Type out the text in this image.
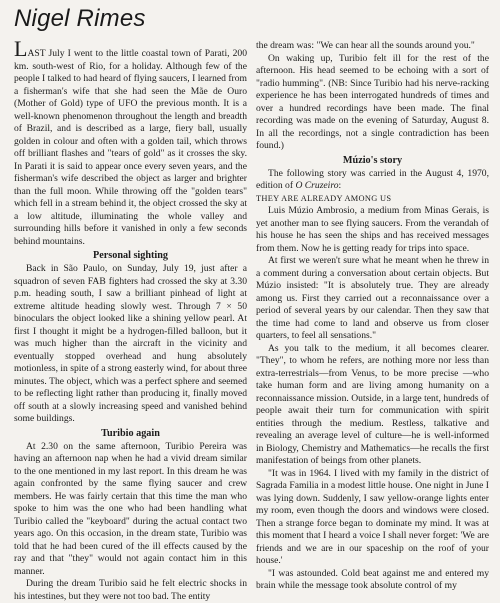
Nigel Rimes

LAST July I went to the little coastal town of Parati, 200 km. south-west of Rio, for a holiday. Although few of the people I talked to had heard of flying saucers, I learned from a fisherman's wife that she had seen the Mãe de Ouro (Mother of Gold) type of UFO the previous month. It is a well-known phenomenon throughout the length and breadth of Brazil, and is described as a large, fiery ball, usually golden in colour and often with a golden tail, which throws off brilliant flashes and "tears of gold" as it crosses the sky. In Parati it is said to appear once every seven years, and the fisherman's wife described the object as larger and brighter than the full moon. While throwing off the "golden tears" which fell in a stream behind it, the object crossed the sky at a low altitude, illuminating the whole valley and surrounding hills before it vanished in only a few seconds behind mountains.

Personal sighting

Back in São Paulo, on Sunday, July 19, just after a squadron of seven FAB fighters had crossed the sky at 3.30 p.m. heading south, I saw a brilliant pinhead of light at extreme altitude heading slowly west. Through 7 × 50 binoculars the object looked like a shining yellow pearl. At first I thought it might be a hydrogen-filled balloon, but it was much higher than the aircraft in the vicinity and eventually stopped overhead and hung absolutely motionless, in spite of a strong easterly wind, for about three minutes. The object, which was a perfect sphere and seemed to be reflecting light rather than producing it, finally moved off south at a slowly increasing speed and vanished behind some buildings.

Turibio again

At 2.30 on the same afternoon, Turibio Pereira was having an afternoon nap when he had a vivid dream similar to the one mentioned in my last report. In this dream he was again confronted by the same flying saucer and crew members. He was fairly certain that this time the man who spoke to him was the one who had been handling what Turibio called the "keyboard" during the actual contact two years ago. On this occasion, in the dream state, Turibio was told that he had been cured of the ill effects caused by the ray and that "they" would not again contact him in this manner.

During the dream Turibio said he felt electric shocks in his intestines, but they were not too bad. The entity

the dream was: "We can hear all the sounds around you."

On waking up, Turibio felt ill for the rest of the afternoon. His head seemed to be echoing with a sort of "radio humming". (NB: Since Turibio had his nerve-racking experience he has been interrogated hundreds of times and over a hundred recordings have been made. The final recording was made on the evening of Saturday, August 8. In all the recordings, not a single contradiction has been found.)

Múzio's story

The following story was carried in the August 4, 1970, edition of O Cruzeiro:

THEY ARE ALREADY AMONG US

Luis Múzio Ambrosio, a medium from Minas Gerais, is yet another man to see flying saucers. From the verandah of his house he has seen the ships and has received messages from them. Now he is getting ready for trips into space.

At first we weren't sure what he meant when he threw in a comment during a conversation about certain objects. But Múzio insisted: "It is absolutely true. They are already among us. First they carried out a reconnaissance over a period of several years by our calendar. Then they saw that the time had come to land and observe us from closer quarters, to feel all sensations."

As you talk to the medium, it all becomes clearer. "They", to whom he refers, are nothing more nor less than extra-terrestrials—from Venus, to be more precise —who take human form and are living among humanity on a reconnaissance mission. Outside, in a large tent, hundreds of people await their turn for communication with spirit entities through the medium. Restless, talkative and revealing an average level of culture—he is well-informed in Biology, Chemistry and Mathematics—he recalls the first manifestation of beings from other planets.

"It was in 1964. I lived with my family in the district of Sagrada Familia in a modest little house. One night in June I was lying down. Suddenly, I saw yellow-orange lights enter my room, even though the doors and windows were closed. Then a strange force began to dominate my mind. It was at this moment that I heard a voice I shall never forget: 'We are friends and we are in our spaceship on the roof of your house.'

"I was astounded. Cold beat against me and entered my brain while the message took absolute control of my
